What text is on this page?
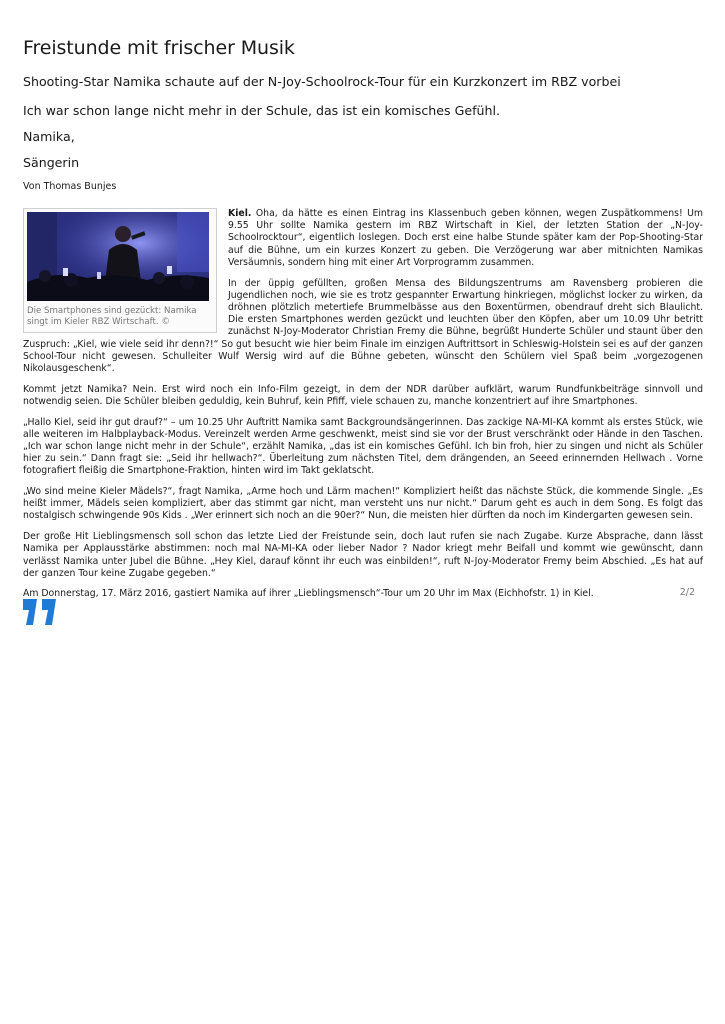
Freistunde mit frischer Musik

Shooting-Star Namika schaute auf der N-Joy-Schoolrock-Tour für ein Kurzkonzert im RBZ vorbei

Ich war schon lange nicht mehr in der Schule, das ist ein komisches Gefühl.

Namika,

Sängerin

Von Thomas Bunjes

Die Smartphones sind gezückt: Namika singt im Kieler RBZ Wirtschaft. ©

Kiel. Oha, da hätte es einen Eintrag ins Klassenbuch geben können, wegen Zuspätkommens! Um 9.55 Uhr sollte Namika gestern im RBZ Wirtschaft in Kiel, der letzten Station der „N-Joy-Schoolrocktour“, eigentlich loslegen. Doch erst eine halbe Stunde später kam der Pop-Shooting-Star auf die Bühne, um ein kurzes Konzert zu geben. Die Verzögerung war aber mitnichten Namikas Versäumnis, sondern hing mit einer Art Vorprogramm zusammen.

In der üppig gefüllten, großen Mensa des Bildungszentrums am Ravensberg probieren die Jugendlichen noch, wie sie es trotz gespannter Erwartung hinkriegen, möglichst locker zu wirken, da dröhnen plötzlich metertiefe Brummelbässe aus den Boxentürmen, obendrauf dreht sich Blaulicht. Die ersten Smartphones werden gezückt und leuchten über den Köpfen, aber um 10.09 Uhr betritt zunächst N-Joy-Moderator Christian Fremy die Bühne, begrüßt Hunderte Schüler und staunt über den Zuspruch: „Kiel, wie viele seid ihr denn?!“ So gut besucht wie hier beim Finale im einzigen Auftrittsort in Schleswig-Holstein sei es auf der ganzen School-Tour nicht gewesen. Schulleiter Wulf Wersig wird auf die Bühne gebeten, wünscht den Schülern viel Spaß beim „vorgezogenen Nikolausgeschenk“.

Kommt jetzt Namika? Nein. Erst wird noch ein Info-Film gezeigt, in dem der NDR darüber aufklärt, warum Rundfunkbeiträge sinnvoll und notwendig seien. Die Schüler bleiben geduldig, kein Buhruf, kein Pfiff, viele schauen zu, manche konzentriert auf ihre Smartphones.

„Hallo Kiel, seid ihr gut drauf?“ – um 10.25 Uhr Auftritt Namika samt Backgroundsängerinnen. Das zackige NA-MI-KA kommt als erstes Stück, wie alle weiteren im Halbplayback-Modus. Vereinzelt werden Arme geschwenkt, meist sind sie vor der Brust verschränkt oder Hände in den Taschen. „Ich war schon lange nicht mehr in der Schule“, erzählt Namika, „das ist ein komisches Gefühl. Ich bin froh, hier zu singen und nicht als Schüler hier zu sein.“ Dann fragt sie: „Seid ihr hellwach?“. Überleitung zum nächsten Titel, dem drängenden, an Seeed erinnernden Hellwach . Vorne fotografiert fleißig die Smartphone-Fraktion, hinten wird im Takt geklatscht.

„Wo sind meine Kieler Mädels?“, fragt Namika, „Arme hoch und Lärm machen!“ Kompliziert heißt das nächste Stück, die kommende Single. „Es heißt immer, Mädels seien kompliziert, aber das stimmt gar nicht, man versteht uns nur nicht.“ Darum geht es auch in dem Song. Es folgt das nostalgisch schwingende 90s Kids . „Wer erinnert sich noch an die 90er?“ Nun, die meisten hier dürften da noch im Kindergarten gewesen sein.

Der große Hit Lieblingsmensch soll schon das letzte Lied der Freistunde sein, doch laut rufen sie nach Zugabe. Kurze Absprache, dann lässt Namika per Applausstärke abstimmen: noch mal NA-MI-KA oder lieber Nador ? Nador kriegt mehr Beifall und kommt wie gewünscht, dann verlässt Namika unter Jubel die Bühne. „Hey Kiel, darauf könnt ihr euch was einbilden!“, ruft N-Joy-Moderator Fremy beim Abschied. „Es hat auf der ganzen Tour keine Zugabe gegeben.“

Am Donnerstag, 17. März 2016, gastiert Namika auf ihrer „Lieblingsmensch“-Tour um 20 Uhr im Max (Eichhofstr. 1) in Kiel.	2/2
